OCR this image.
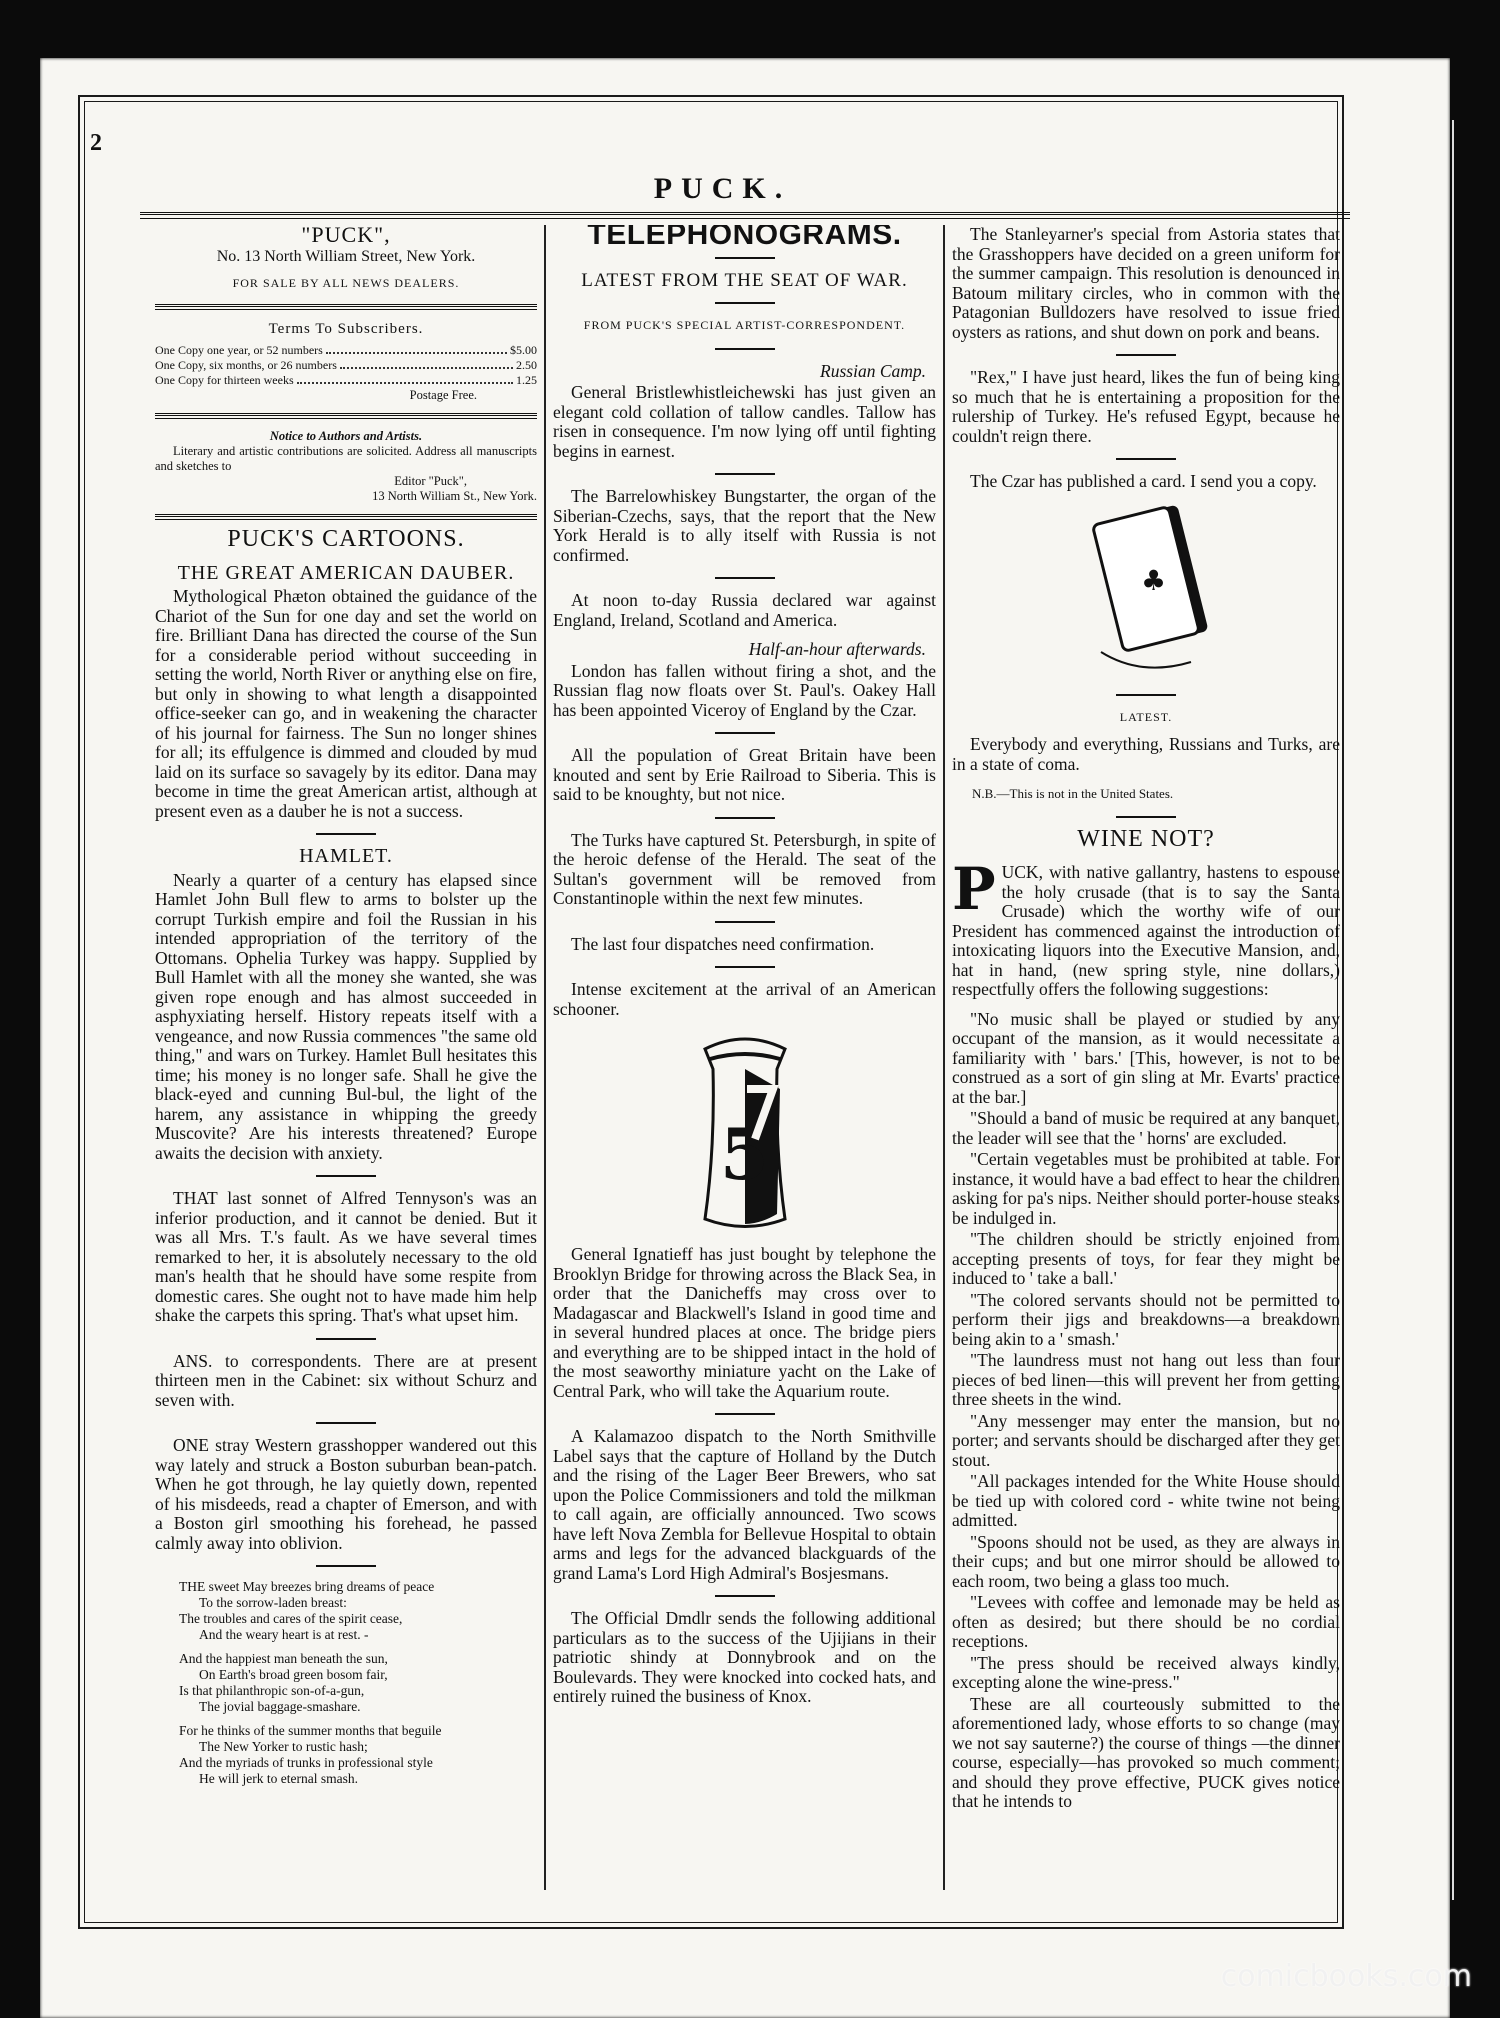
2
PUCK.
"PUCK",
No. 13 North William Street, New York.
FOR SALE BY ALL NEWS DEALERS.
Terms To Subscribers.
One Copy one year, or 52 numbers	$5.00
One Copy, six months, or 26 numbers	2.50
One Copy for thirteen weeks	1.25
Postage Free.
Notice to Authors and Artists.
Literary and artistic contributions are solicited. Address all manuscripts and sketches to
Editor "Puck",
13 North William St., New York.
PUCK'S CARTOONS.
THE GREAT AMERICAN DAUBER.

Mythological Phæton obtained the guidance of the Chariot of the Sun for one day and set the world on fire. Brilliant Dana has directed the course of the Sun for a considerable period without succeeding in setting the world, North River or anything else on fire, but only in showing to what length a disappointed office-seeker can go, and in weakening the character of his journal for fairness. The Sun no longer shines for all; its effulgence is dimmed and clouded by mud laid on its surface so savagely by its editor. Dana may become in time the great American artist, although at present even as a dauber he is not a success.

HAMLET.

Nearly a quarter of a century has elapsed since Hamlet John Bull flew to arms to bolster up the corrupt Turkish empire and foil the Russian in his intended appropriation of the territory of the Ottomans. Ophelia Turkey was happy. Supplied by Bull Hamlet with all the money she wanted, she was given rope enough and has almost succeeded in asphyxiating herself. History repeats itself with a vengeance, and now Russia commences "the same old thing," and wars on Turkey. Hamlet Bull hesitates this time; his money is no longer safe. Shall he give the black-eyed and cunning Bul-bul, the light of the harem, any assistance in whipping the greedy Muscovite? Are his interests threatened? Europe awaits the decision with anxiety.

THAT last sonnet of Alfred Tennyson's was an inferior production, and it cannot be denied. But it was all Mrs. T.'s fault. As we have several times remarked to her, it is absolutely necessary to the old man's health that he should have some respite from domestic cares. She ought not to have made him help shake the carpets this spring. That's what upset him.

ANS. to correspondents. There are at present thirteen men in the Cabinet: six without Schurz and seven with.

ONE stray Western grasshopper wandered out this way lately and struck a Boston suburban bean-patch. When he got through, he lay quietly down, repented of his misdeeds, read a chapter of Emerson, and with a Boston girl smoothing his forehead, he passed calmly away into oblivion.

THE sweet May breezes bring dreams of peace
To the sorrow-laden breast:
The troubles and cares of the spirit cease,
And the weary heart is at rest. -
And the happiest man beneath the sun,
On Earth's broad green bosom fair,
Is that philanthropic son-of-a-gun,
The jovial baggage-smashare.
For he thinks of the summer months that beguile
The New Yorker to rustic hash;
And the myriads of trunks in professional style
He will jerk to eternal smash.
TELEPHONOGRAMS.
LATEST FROM THE SEAT OF WAR.
FROM PUCK'S SPECIAL ARTIST-CORRESPONDENT.
Russian Camp.

General Bristlewhistleichewski has just given an elegant cold collation of tallow candles. Tallow has risen in consequence. I'm now lying off until fighting begins in earnest.

The Barrelowhiskey Bungstarter, the organ of the Siberian-Czechs, says, that the report that the New York Herald is to ally itself with Russia is not confirmed.

At noon to-day Russia declared war against England, Ireland, Scotland and America.

Half-an-hour afterwards.

London has fallen without firing a shot, and the Russian flag now floats over St. Paul's. Oakey Hall has been appointed Viceroy of England by the Czar.

All the population of Great Britain have been knouted and sent by Erie Railroad to Siberia. This is said to be knoughty, but not nice.

The Turks have captured St. Petersburgh, in spite of the heroic defense of the Herald. The seat of the Sultan's government will be removed from Constantinople within the next few minutes.

The last four dispatches need confirmation.

Intense excitement at the arrival of an American schooner.

5

General Ignatieff has just bought by telephone the Brooklyn Bridge for throwing across the Black Sea, in order that the Danicheffs may cross over to Madagascar and Blackwell's Island in good time and in several hundred places at once. The bridge piers and everything are to be shipped intact in the hold of the most seaworthy miniature yacht on the Lake of Central Park, who will take the Aquarium route.

A Kalamazoo dispatch to the North Smithville Label says that the capture of Holland by the Dutch and the rising of the Lager Beer Brewers, who sat upon the Police Commissioners and told the milkman to call again, are officially announced. Two scows have left Nova Zembla for Bellevue Hospital to obtain arms and legs for the advanced blackguards of the grand Lama's Lord High Admiral's Bosjesmans.

The Official Dmdlr sends the following additional particulars as to the success of the Ujijians in their patriotic shindy at Donnybrook and on the Boulevards. They were knocked into cocked hats, and entirely ruined the business of Knox.

The Stanleyarner's special from Astoria states that the Grasshoppers have decided on a green uniform for the summer campaign. This resolution is denounced in Batoum military circles, who in common with the Patagonian Bulldozers have resolved to issue fried oysters as rations, and shut down on pork and beans.

"Rex," I have just heard, likes the fun of being king so much that he is entertaining a proposition for the rulership of Turkey. He's refused Egypt, because he couldn't reign there.

The Czar has published a card. I send you a copy.

♣
LATEST.

Everybody and everything, Russians and Turks, are in a state of coma.

N.B.—This is not in the United States.
WINE NOT?

PUCK, with native gallantry, hastens to espouse the holy crusade (that is to say the Santa Crusade) which the worthy wife of our President has commenced against the introduction of intoxicating liquors into the Executive Mansion, and, hat in hand, (new spring style, nine dollars,) respectfully offers the following suggestions:

"No music shall be played or studied by any occupant of the mansion, as it would necessitate a familiarity with ' bars.' [This, however, is not to be construed as a sort of gin sling at Mr. Evarts' practice at the bar.]

"Should a band of music be required at any banquet, the leader will see that the ' horns' are excluded.

"Certain vegetables must be prohibited at table. For instance, it would have a bad effect to hear the children asking for pa's nips. Neither should porter-house steaks be indulged in.

"The children should be strictly enjoined from accepting presents of toys, for fear they might be induced to ' take a ball.'

"The colored servants should not be permitted to perform their jigs and breakdowns—a breakdown being akin to a ' smash.'

"The laundress must not hang out less than four pieces of bed linen—this will prevent her from getting three sheets in the wind.

"Any messenger may enter the mansion, but no porter; and servants should be discharged after they get stout.

"All packages intended for the White House should be tied up with colored cord - white twine not being admitted.

"Spoons should not be used, as they are always in their cups; and but one mirror should be allowed to each room, two being a glass too much.

"Levees with coffee and lemonade may be held as often as desired; but there should be no cordial receptions.

"The press should be received always kindly, excepting alone the wine-press."

These are all courteously submitted to the aforementioned lady, whose efforts to so change (may we not say sauterne?) the course of things —the dinner course, especially—has provoked so much comment; and should they prove effective, PUCK gives notice that he intends to

comicbooks.com
